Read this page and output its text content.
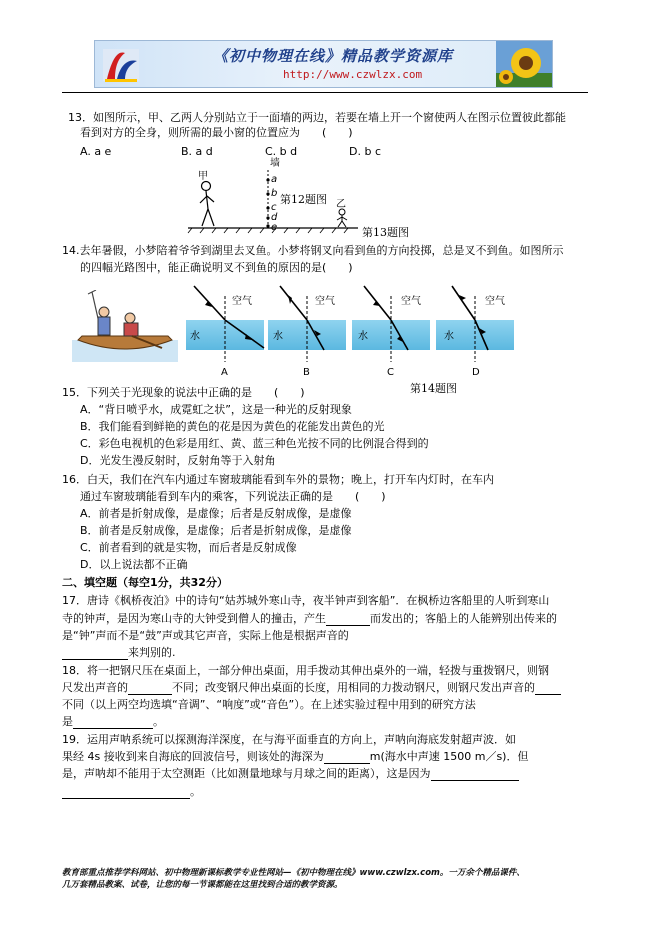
《初中物理在线》精品教学资源库
http://www.czwlzx.com
13．如图所示，甲、乙两人分别站立于一面墙的两边，若要在墙上开一个窗使两人在图示位置彼此都能
看到对方的全身，则所需的最小窗的位置应为　　(　　)
A. a e	B. a d	C. b d	D. b c
墙
甲
乙
a
b
c
d
e
第12题图
第13题图
14.去年暑假，小梦陪着爷爷到湖里去叉鱼。小梦将钢叉向看到鱼的方向投掷，总是叉不到鱼。如图所示
的四幅光路图中，能正确说明叉不到鱼的原因的是(　　)
空气
水
空气
水
空气
水
空气
水
A	B	C	D
第14题图
15．下列关于光现象的说法中正确的是　　(　　)
A．“背日喷乎水，成霓虹之状”，这是一种光的反射现象
B．我们能看到鲜艳的黄色的花是因为黄色的花能发出黄色的光
C．彩色电视机的色彩是用红、黄、蓝三种色光按不同的比例混合得到的
D．光发生漫反射时，反射角等于入射角
16．白天，我们在汽车内通过车窗玻璃能看到车外的景物；晚上，打开车内灯时，在车内
通过车窗玻璃能看到车内的乘客，下列说法正确的是　　(　　)
A．前者是折射成像，是虚像；后者是反射成像，是虚像
B．前者是反射成像，是虚像；后者是折射成像，是虚像
C．前者看到的就是实物，而后者是反射成像
D．以上说法都不正确
二、填空题（每空1分，共32分）
17．唐诗《枫桥夜泊》中的诗句“姑苏城外寒山寺，夜半钟声到客船”．在枫桥边客船里的人听到寒山
寺的钟声，是因为寒山寺的大钟受到僧人的撞击，产生	而发出的；客船上的人能辨别出传来的
是“钟”声而不是“鼓”声或其它声音，实际上他是根据声音的
来判别的.
18．将一把钢尺压在桌面上，一部分伸出桌面，用手拨动其伸出桌外的一端，轻拨与重拨钢尺，则钢
尺发出声音的	不同；改变钢尺伸出桌面的长度，用相同的力拨动钢尺，则钢尺发出声音的
不同（以上两空均选填“音调”、“响度”或“音色”）。在上述实验过程中用到的研究方法
是	。
19．运用声呐系统可以探测海洋深度，在与海平面垂直的方向上，声呐向海底发射超声波．如
果经 4s 接收到来自海底的回波信号，则该处的海深为	m(海水中声速 1500 m／s)．但
是，声呐却不能用于太空测距（比如测量地球与月球之间的距离），这是因为
。
教育部重点推荐学科网站、初中物理新课标教学专业性网站—《初中物理在线》www.czwlzx.com。一万余个精品课件、
几万套精品教案、试卷，让您的每一节课都能在这里找到合适的教学资源。
